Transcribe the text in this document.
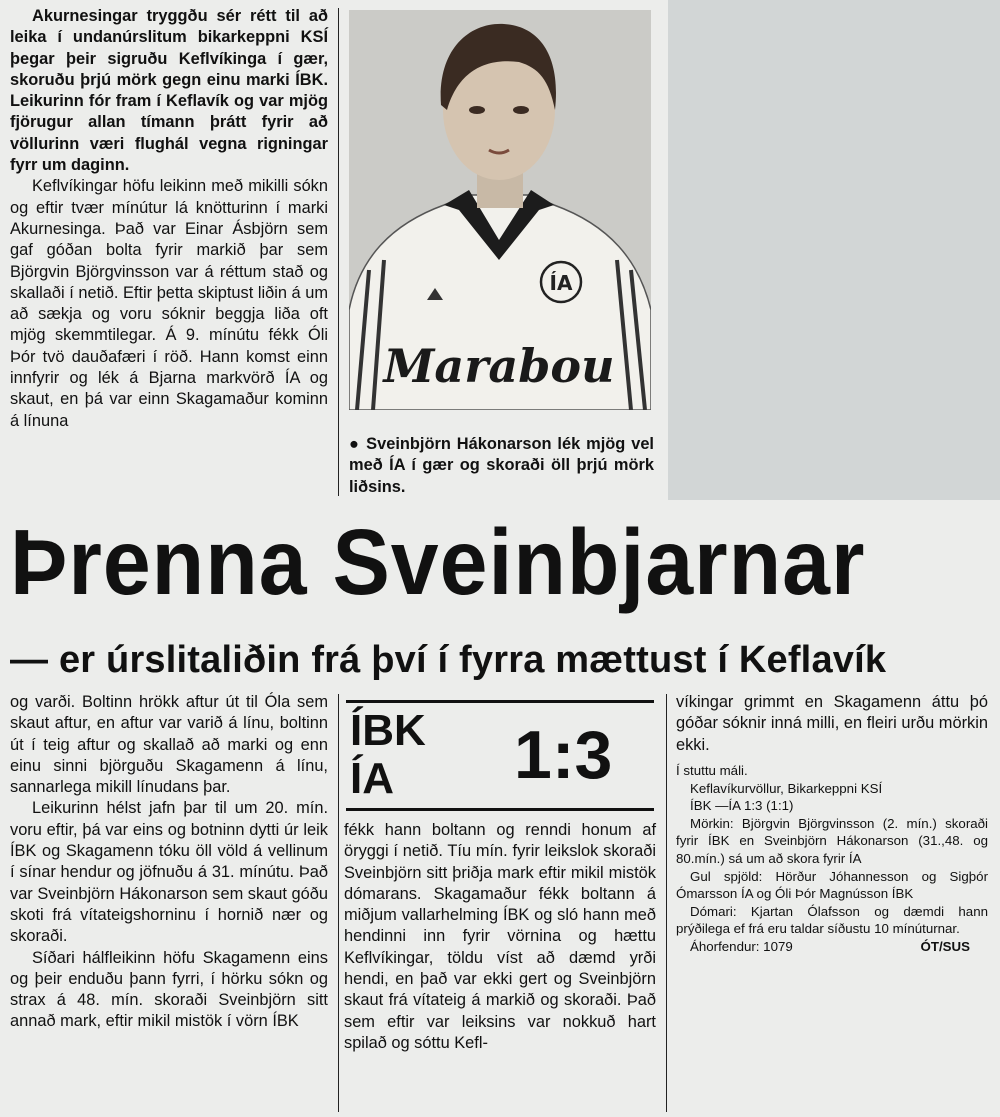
Akurnesingar tryggðu sér rétt til að leika í undanúrslitum bikarkeppni KSÍ þegar þeir sigruðu Keflvíkinga í gær, skoruðu þrjú mörk gegn einu marki ÍBK. Leikurinn fór fram í Keflavík og var mjög fjörugur allan tímann þrátt fyrir að völlurinn væri flughál vegna rigningar fyrr um daginn.

Keflvíkingar höfu leikinn með mikilli sókn og eftir tvær mínútur lá knötturinn í marki Akurnesinga. Það var Einar Ásbjörn sem gaf góðan bolta fyrir markið þar sem Björgvin Björgvinsson var á réttum stað og skallaði í netið. Eftir þetta skiptust liðin á um að sækja og voru sóknir beggja liða oft mjög skemmtilegar. Á 9. mínútu fékk Óli Þór tvö dauðafæri í röð. Hann komst einn innfyrir og lék á Bjarna markvörð ÍA og skaut, en þá var einn Skagamaður kominn á línuna

ÍA
Marabou
● Sveinbjörn Hákonarson lék mjög vel með ÍA í gær og skoraði öll þrjú mörk liðsins.
Þrenna Sveinbjarnar
— er úrslitaliðin frá því í fyrra mættust í Keflavík

og varði. Boltinn hrökk aftur út til Óla sem skaut aftur, en aftur var varið á línu, boltinn út í teig aftur og skallað að marki og enn einu sinni björguðu Skagamenn á línu, sannarlega mikill línudans þar.

Leikurinn hélst jafn þar til um 20. mín. voru eftir, þá var eins og botninn dytti úr leik ÍBK og Skagamenn tóku öll völd á vellinum í sínar hendur og jöfnuðu á 31. mínútu. Það var Sveinbjörn Hákonarson sem skaut góðu skoti frá vítateigshorninu í hornið nær og skoraði.

Síðari hálfleikinn höfu Skagamenn eins og þeir enduðu þann fyrri, í hörku sókn og strax á 48. mín. skoraði Sveinbjörn sitt annað mark, eftir mikil mistök í vörn ÍBK

ÍBK
ÍA 1:3

fékk hann boltann og renndi honum af öryggi í netið. Tíu mín. fyrir leikslok skoraði Sveinbjörn sitt þriðja mark eftir mikil mistök dómarans. Skagamaður fékk boltann á miðjum vallarhelming ÍBK og sló hann með hendinni inn fyrir vörnina og hættu Keflvíkingar, töldu víst að dæmd yrði hendi, en það var ekki gert og Sveinbjörn skaut frá vítateig á markið og skoraði. Það sem eftir var leiksins var nokkuð hart spilað og sóttu Kefl-

víkingar grimmt en Skagamenn áttu þó góðar sóknir inná milli, en fleiri urðu mörkin ekki.

Í stuttu máli.

Keflavíkurvöllur, Bikarkeppni KSÍ

ÍBK —ÍA 1:3 (1:1)

Mörkin: Björgvin Björgvinsson (2. mín.) skoraði fyrir ÍBK en Sveinbjörn Hákonarson (31.,48. og 80.mín.) sá um að skora fyrir ÍA

Gul spjöld: Hörður Jóhannesson og Sigþór Ómarsson ÍA og Óli Þór Magnússon ÍBK

Dómari: Kjartan Ólafsson og dæmdi hann prýðilega ef frá eru taldar síðustu 10 mínúturnar.

Áhorfendur: 1079	ÓT/SUS
